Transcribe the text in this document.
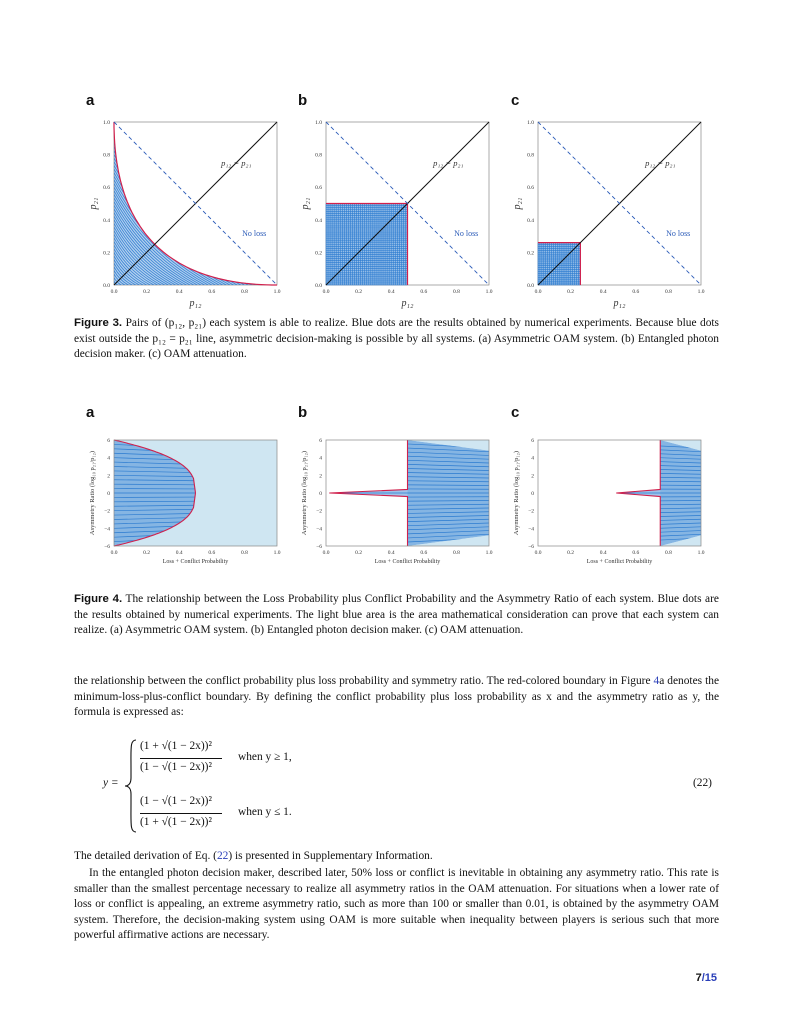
a	b	c
p₁₂ = p₂₁
No loss
0.0
0.0
0.2
0.2
0.4
0.4
0.6
0.6
0.8
0.8
1.0
1.0
p₁₂
p₂₁
p₁₂ = p₂₁
No loss
0.0
0.0
0.2
0.2
0.4
0.4
0.6
0.6
0.8
0.8
1.0
1.0
p₁₂
p₂₁
p₁₂ = p₂₁
No loss
0.0
0.0
0.2
0.2
0.4
0.4
0.6
0.6
0.8
0.8
1.0
1.0
p₁₂
p₂₁
Figure 3. Pairs of (p₁₂, p₂₁) each system is able to realize. Blue dots are the results obtained by numerical experiments. Because blue dots exist outside the p₁₂ = p₂₁ line, asymmetric decision-making is possible by all systems. (a) Asymmetric OAM system. (b) Entangled photon decision maker. (c) OAM attenuation.
a	b	c
0.0	0.2	0.4	0.6	0.8	1.0
6
4
2
0
−2
−4
−6
Loss + Conflict Probability
Asymmetry Ratio (log₁₀ p₂₁/p₁₂)
0.0	0.2	0.4	0.6	0.8	1.0
6
4
2
0
−2
−4
−6
Loss + Conflict Probability
Asymmetry Ratio (log₁₀ p₂₁/p₁₂)
0.0	0.2	0.4	0.6	0.8	1.0
6
4
2
0
−2
−4
−6
Loss + Conflict Probability
Asymmetry Ratio (log₁₀ p₂₁/p₁₂)
Figure 4. The relationship between the Loss Probability plus Conflict Probability and the Asymmetry Ratio of each system. Blue dots are the results obtained by numerical experiments. The light blue area is the area mathematical consideration can prove that each system can realize. (a) Asymmetric OAM system. (b) Entangled photon decision maker. (c) OAM attenuation.
the relationship between the conflict probability plus loss probability and symmetry ratio. The red-colored boundary in Figure 4a denotes the minimum-loss-plus-conflict boundary. By defining the conflict probability plus loss probability as x and the asymmetry ratio as y, the formula is expressed as:
y =
(1 + √(1 − 2x))²
(1 − √(1 − 2x))²
when y ≥ 1,
(1 − √(1 − 2x))²
(1 + √(1 − 2x))²
when y ≤ 1.
(22)
The detailed derivation of Eq. (22) is presented in Supplementary Information.
In the entangled photon decision maker, described later, 50% loss or conflict is inevitable in obtaining any asymmetry ratio. This rate is smaller than the smallest percentage necessary to realize all asymmetry ratios in the OAM attenuation. For situations when a lower rate of loss or conflict is appealing, an extreme asymmetry ratio, such as more than 100 or smaller than 0.01, is obtained by the asymmetry OAM system. Therefore, the decision-making system using OAM is more suitable when inequality between players is serious such that more powerful affirmative actions are necessary.
7/15
